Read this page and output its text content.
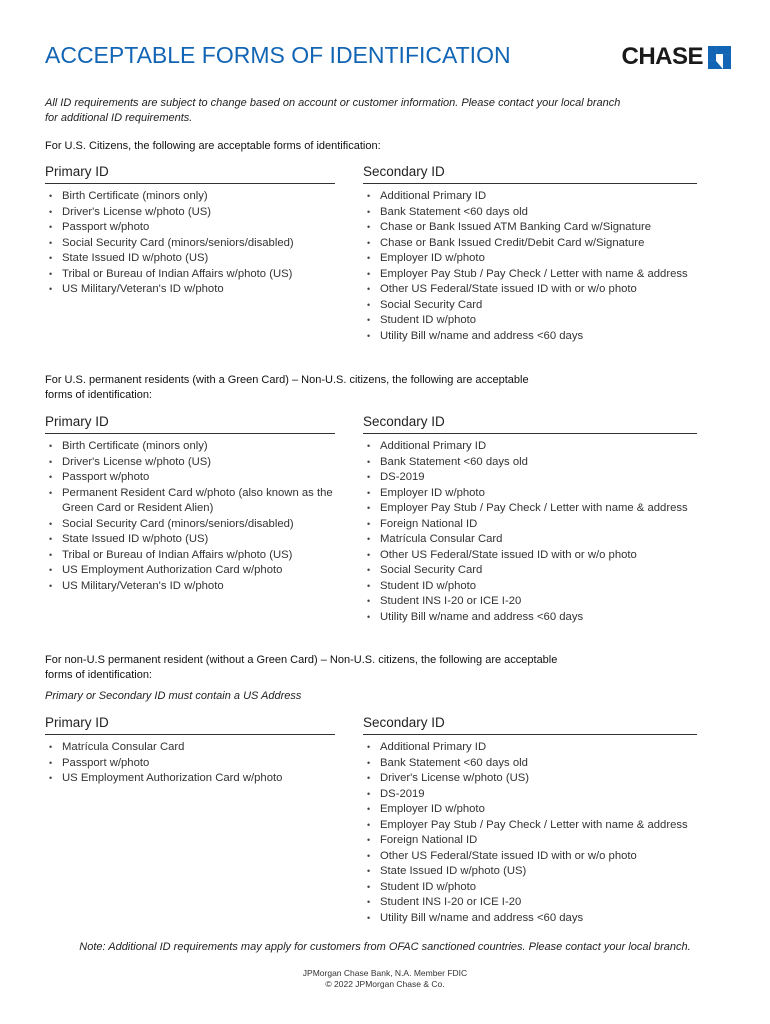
ACCEPTABLE FORMS OF IDENTIFICATION	CHASE
All ID requirements are subject to change based on account or customer information. Please contact your local branch
for additional ID requirements.
For U.S. Citizens, the following are acceptable forms of identification:
Primary ID	Secondary ID
• Birth Certificate (minors only)
• Driver's License w/photo (US)
• Passport w/photo
• Social Security Card (minors/seniors/disabled)
• State Issued ID w/photo (US)
• Tribal or Bureau of Indian Affairs w/photo (US)
• US Military/Veteran's ID w/photo
• Additional Primary ID
• Bank Statement <60 days old
• Chase or Bank Issued ATM Banking Card w/Signature
• Chase or Bank Issued Credit/Debit Card w/Signature
• Employer ID w/photo
• Employer Pay Stub / Pay Check / Letter with name & address
• Other US Federal/State issued ID with or w/o photo
• Social Security Card
• Student ID w/photo
• Utility Bill w/name and address <60 days
For U.S. permanent residents (with a Green Card) – Non-U.S. citizens, the following are acceptable
forms of identification:
Primary ID	Secondary ID
• Birth Certificate (minors only)
• Driver's License w/photo (US)
• Passport w/photo
• Permanent Resident Card w/photo (also known as the Green Card or Resident Alien)
• Social Security Card (minors/seniors/disabled)
• State Issued ID w/photo (US)
• Tribal or Bureau of Indian Affairs w/photo (US)
• US Employment Authorization Card w/photo
• US Military/Veteran's ID w/photo
• Additional Primary ID
• Bank Statement <60 days old
• DS-2019
• Employer ID w/photo
• Employer Pay Stub / Pay Check / Letter with name & address
• Foreign National ID
• Matrícula Consular Card
• Other US Federal/State issued ID with or w/o photo
• Social Security Card
• Student ID w/photo
• Student INS I-20 or ICE I-20
• Utility Bill w/name and address <60 days
For non-U.S permanent resident (without a Green Card) – Non-U.S. citizens, the following are acceptable
forms of identification:
Primary or Secondary ID must contain a US Address
Primary ID	Secondary ID
• Matrícula Consular Card
• Passport w/photo
• US Employment Authorization Card w/photo
• Additional Primary ID
• Bank Statement <60 days old
• Driver's License w/photo (US)
• DS-2019
• Employer ID w/photo
• Employer Pay Stub / Pay Check / Letter with name & address
• Foreign National ID
• Other US Federal/State issued ID with or w/o photo
• State Issued ID w/photo (US)
• Student ID w/photo
• Student INS I-20 or ICE I-20
• Utility Bill w/name and address <60 days
Note: Additional ID requirements may apply for customers from OFAC sanctioned countries. Please contact your local branch.
JPMorgan Chase Bank, N.A. Member FDIC
© 2022 JPMorgan Chase & Co.
